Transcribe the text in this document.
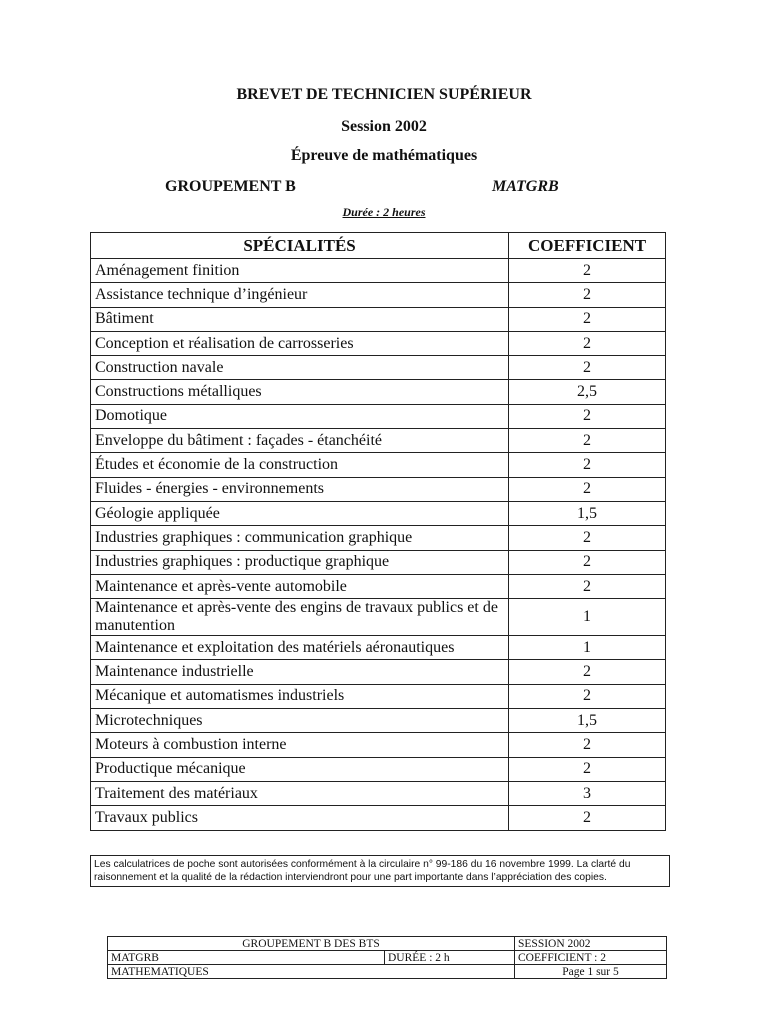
BREVET DE TECHNICIEN SUPÉRIEUR
Session 2002
Épreuve de mathématiques
GROUPEMENT B	MATGRB
Durée : 2 heures
SPÉCIALITÉS	COEFFICIENT
Aménagement finition	2
Assistance technique d’ingénieur	2
Bâtiment	2
Conception et réalisation de carrosseries	2
Construction navale	2
Constructions métalliques	2,5
Domotique	2
Enveloppe du bâtiment : façades - étanchéité	2
Études et économie de la construction	2
Fluides - énergies - environnements	2
Géologie appliquée	1,5
Industries graphiques : communication graphique	2
Industries graphiques : productique graphique	2
Maintenance et après-vente automobile	2
Maintenance et après-vente des engins de travaux publics et de manutention	1
Maintenance et exploitation des matériels aéronautiques	1
Maintenance industrielle	2
Mécanique et automatismes industriels	2
Microtechniques	1,5
Moteurs à combustion interne	2
Productique mécanique	2
Traitement des matériaux	3
Travaux publics	2
Les calculatrices de poche sont autorisées conformément à la circulaire n° 99-186 du 16 novembre 1999. La clarté du raisonnement et la qualité de la rédaction interviendront pour une part importante dans l’appréciation des copies.
GROUPEMENT B DES BTS		SESSION 2002
MATGRB	DURÉE : 2 h	COEFFICIENT : 2
MATHEMATIQUES		Page 1 sur 5
